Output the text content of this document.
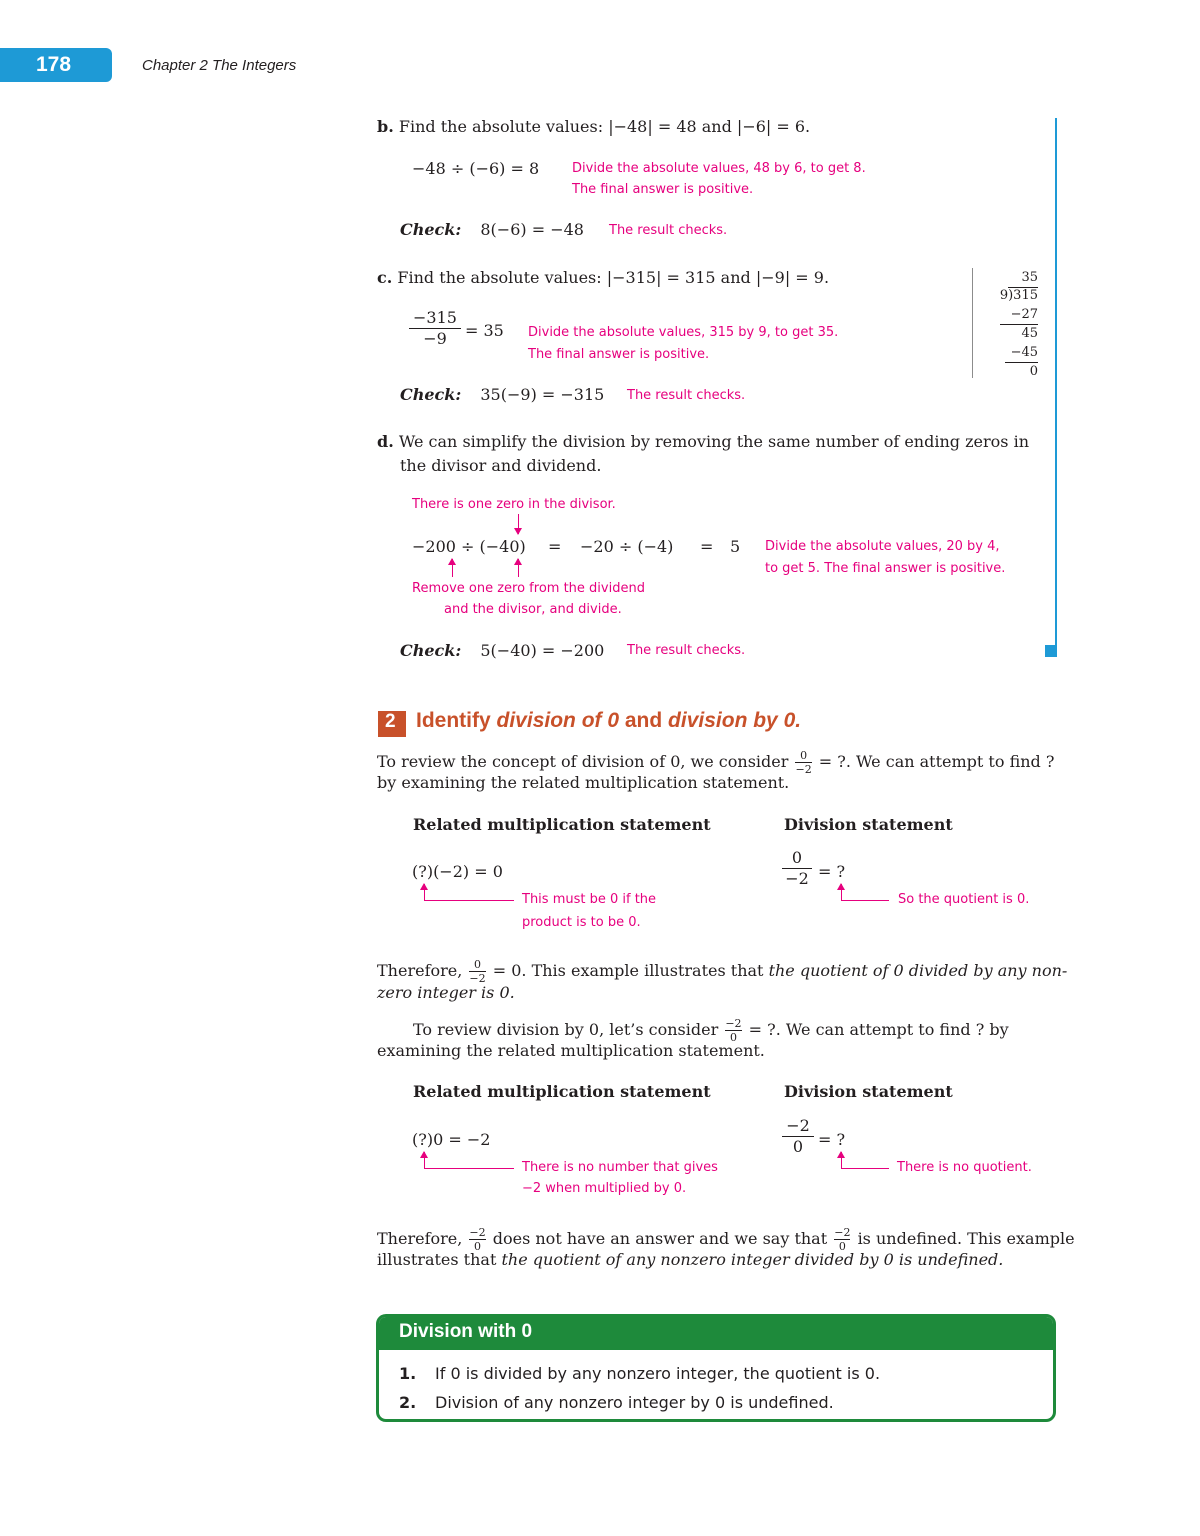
178	Chapter 2 The Integers
b. Find the absolute values: |−48| = 48 and |−6| = 6.
−48 ÷ (−6) = 8	Divide the absolute values, 48 by 6, to get 8.
The final answer is positive.
Check: 8(−6) = −48 The result checks.
c. Find the absolute values: |−315| = 315 and |−9| = 9.
−315
−9	= 35 Divide the absolute values, 315 by 9, to get 35.
The final answer is positive.
Check: 35(−9) = −315 The result checks.
35
9)315
−27
45
−45
0
d. We can simplify the division by removing the same number of ending zeros in
the divisor and dividend.
There is one zero in the divisor.
−200 ÷ (−40) = −20 ÷ (−4) = 5 Divide the absolute values, 20 by 4,
to get 5. The final answer is positive.
Remove one zero from the dividend
and the divisor, and divide.
Check: 5(−40) = −200 The result checks.
2 Identify division of 0 and division by 0.
To review the concept of division of 0, we consider $\frac{0}{-2}$ = ?. We can attempt to find ?
by examining the related multiplication statement.
Related multiplication statement	Division statement
(?)(−2) = 0
This must be 0 if the
product is to be 0.
0
−2 = ?
So the quotient is 0.
Therefore, $\frac{0}{-2} = 0$. This example illustrates that the quotient of 0 divided by any non-
zero integer is 0.
To review division by 0, let’s consider $\frac{-2}{0}$ = ?. We can attempt to find ? by
examining the related multiplication statement.
Related multiplication statement	Division statement
(?)0 = −2
There is no number that gives
−2 when multiplied by 0.
−2
0 = ?
There is no quotient.
Therefore, $\frac{-2}{0}$ does not have an answer and we say that $\frac{-2}{0}$ is undefined. This example
illustrates that the quotient of any nonzero integer divided by 0 is undefined.
Division with 0
1. If 0 is divided by any nonzero integer, the quotient is 0.
2. Division of any nonzero integer by 0 is undefined.
